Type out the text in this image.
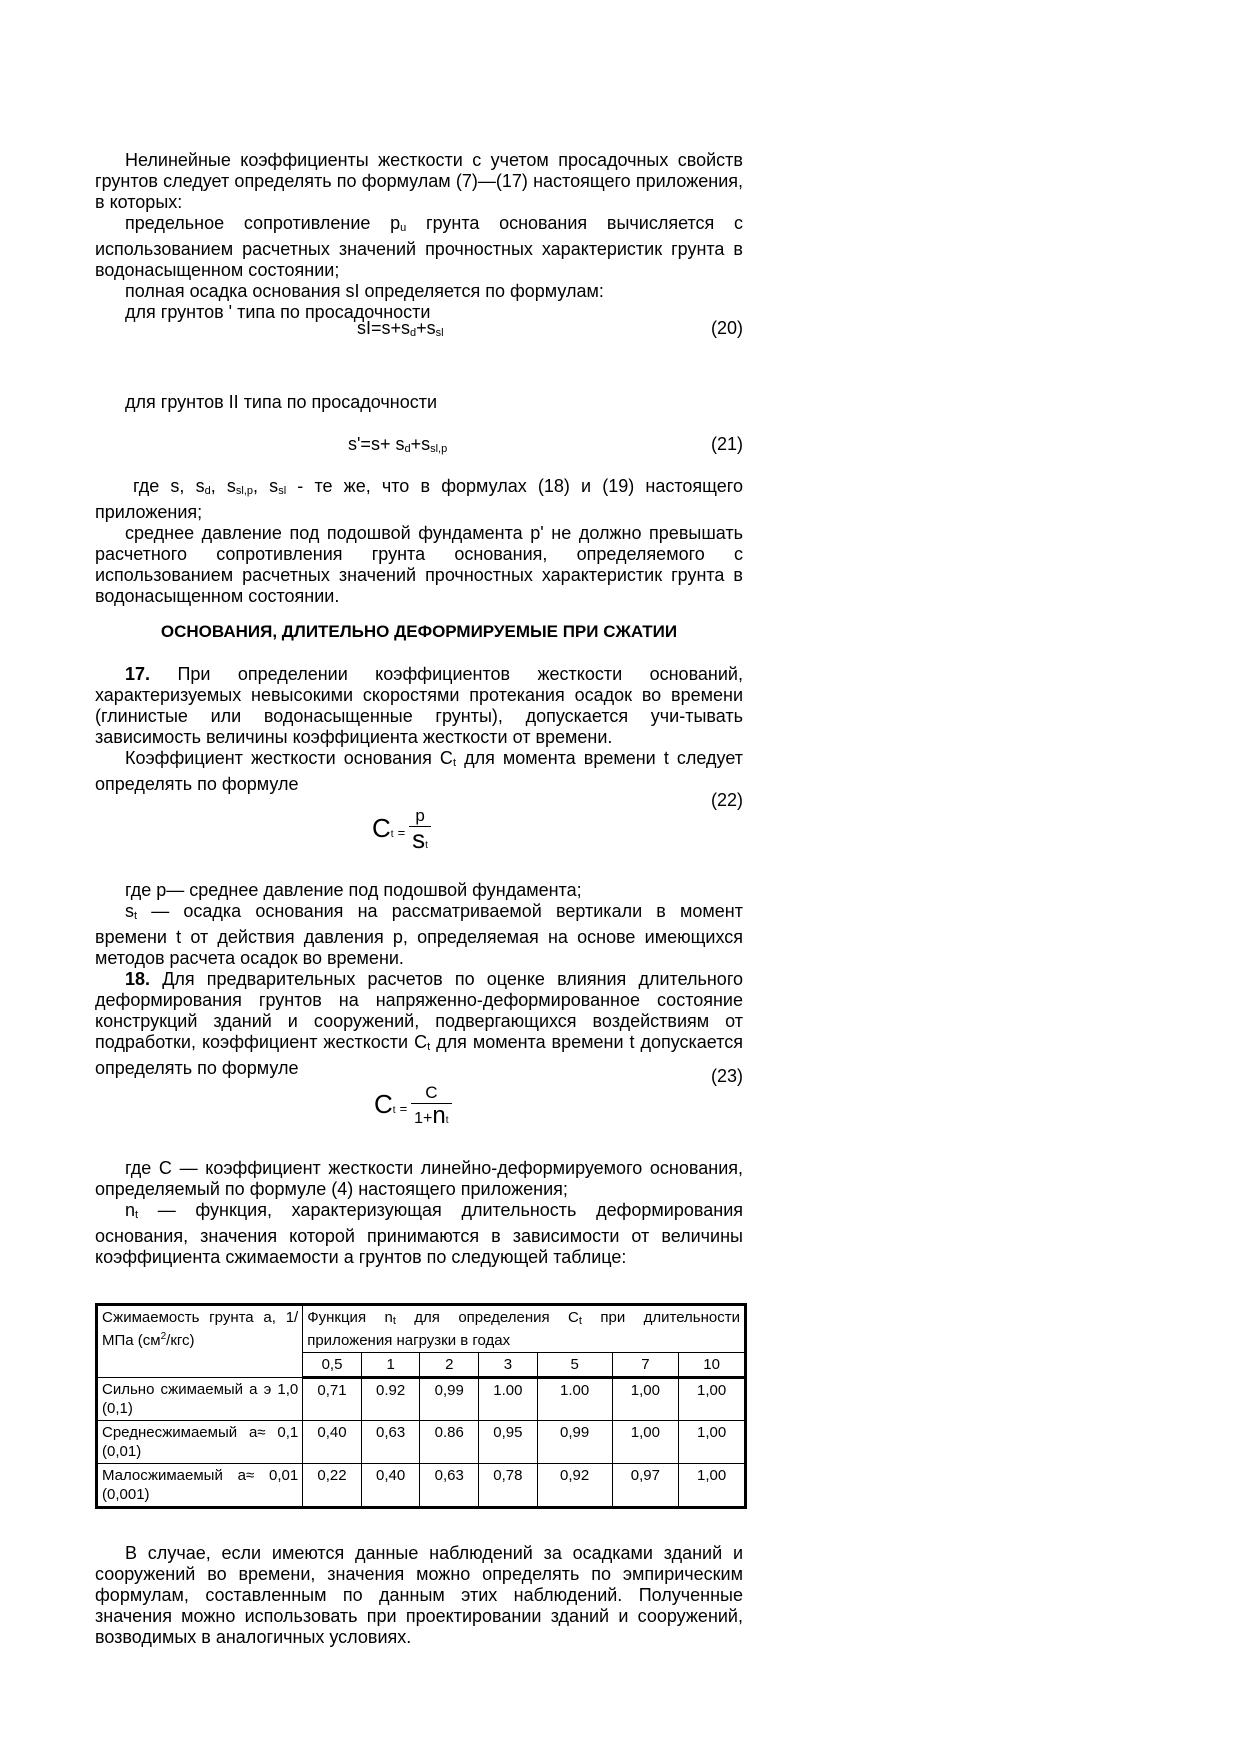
Нелинейные коэффициенты жесткости с учетом просадочных свойств грунтов следует определять по формулам (7)—(17) настоящего приложения, в которых:

предельное сопротивление pu грунта основания вычисляется с использованием расчетных значений прочностных характеристик грунта в водонасыщенном состоянии;

полная осадка основания sI определяется по формулам:

для грунтов ' типа по просадочности

sI=s+sd+ssl	(20)

для грунтов II типа по просадочности

s'=s+ sd+ssl,p	(21)

где s, sd, ssl,p, ssl - те же, что в формулах (18) и (19) настоящего приложения;

среднее давление под подошвой фундамента p' не должно превышать расчетного сопротивления грунта основания, определяемого с использованием расчетных значений прочностных характеристик грунта в водонасыщенном состоянии.

ОСНОВАНИЯ, ДЛИТЕЛЬНО ДЕФОРМИРУЕМЫЕ ПРИ СЖАТИИ

17. При определении коэффициентов жесткости оснований, характеризуемых невысокими скоростями протекания осадок во времени (глинистые или водонасыщенные грунты), допускается учи-тывать зависимость величины коэффициента жесткости от времени.

Коэффициент жесткости основания Ct для момента времени t следует определять по формуле

(22)
$Ct = \frac{p}{st}$

где p— среднее давление под подошвой фундамента;

st — осадка основания на рассматриваемой вертикали в момент времени t от действия давления p, определяемая на основе имеющихся методов расчета осадок во времени.

18. Для предварительных расчетов по оценке влияния длительного деформирования грунтов на напряженно-деформированное состояние конструкций зданий и сооружений, подвергающихся воздействиям от подработки, коэффициент жесткости Ct для момента времени t допускается определять по формуле	(23)
$Ct = \frac{C}{1+nt}$

где C — коэффициент жесткости линейно-деформируемого основания, определяемый по формуле (4) настоящего приложения;

nt — функция, характеризующая длительность деформирования основания, значения которой принимаются в зависимости от величины коэффициента сжимаемости a грунтов по следующей таблице:

Сжимаемость грунта a, 1/МПа $(см^2/кгс)$	Функция nt для определения Ct при длительности приложения нагрузки в годах						
	0,5	1	2	3	5	7	10
Сильно сжимаемый a э 1,0 (0,1)	0,71	0.92	0,99	1.00	1.00	1,00	1,00
Среднесжимаемый a≈ 0,1 (0,01)	0,40	0,63	0.86	0,95	0,99	1,00	1,00
Малосжимаемый a≈ 0,01 (0,001)	0,22	0,40	0,63	0,78	0,92	0,97	1,00

В случае, если имеются данные наблюдений за осадками зданий и сооружений во времени, значения можно определять по эмпирическим формулам, составленным по данным этих наблюдений. Полученные значения можно использовать при проектировании зданий и сооружений, возводимых в аналогичных условиях.
